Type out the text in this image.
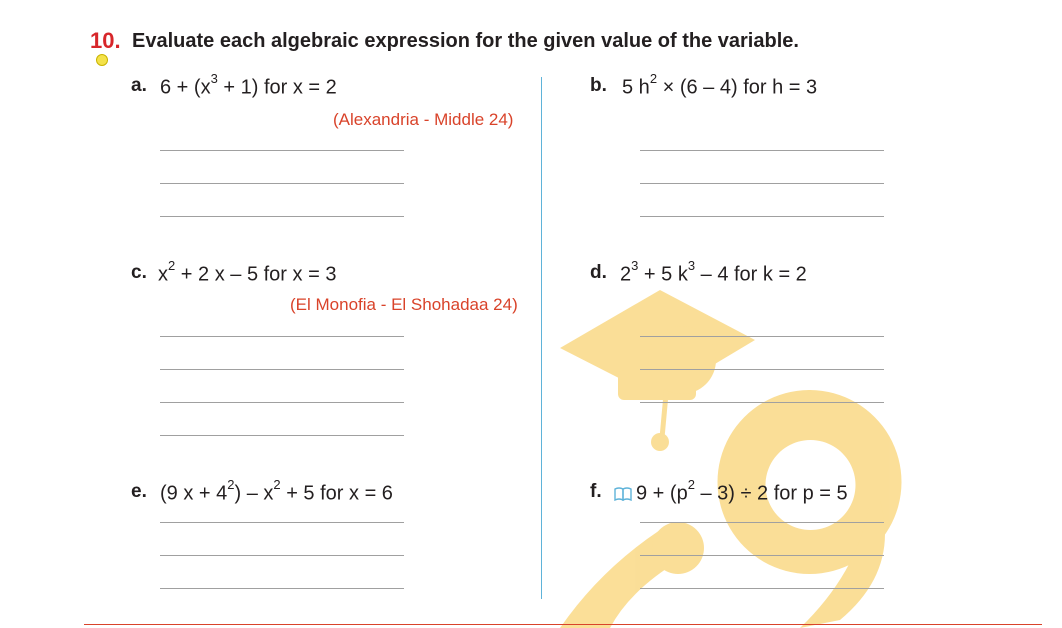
10. Evaluate each algebraic expression for the given value of the variable.
a. $6 + (x^3 + 1)$ for x = 2
(Alexandria - Middle 24)
b. 5 $h^2 \times (6 - 4)$ for h = 3
c. $x^2 + 2$ x – 5 for x = 3
(El Monofia - El Shohadaa 24)
d. $2^3 + 5$ $k^3 - 4$ for k = 2
e. (9 $x + 4^2) - x^2 + 5$ for x = 6	f.	$9 + (p^2 - 3) \div 2$ for p = 5
